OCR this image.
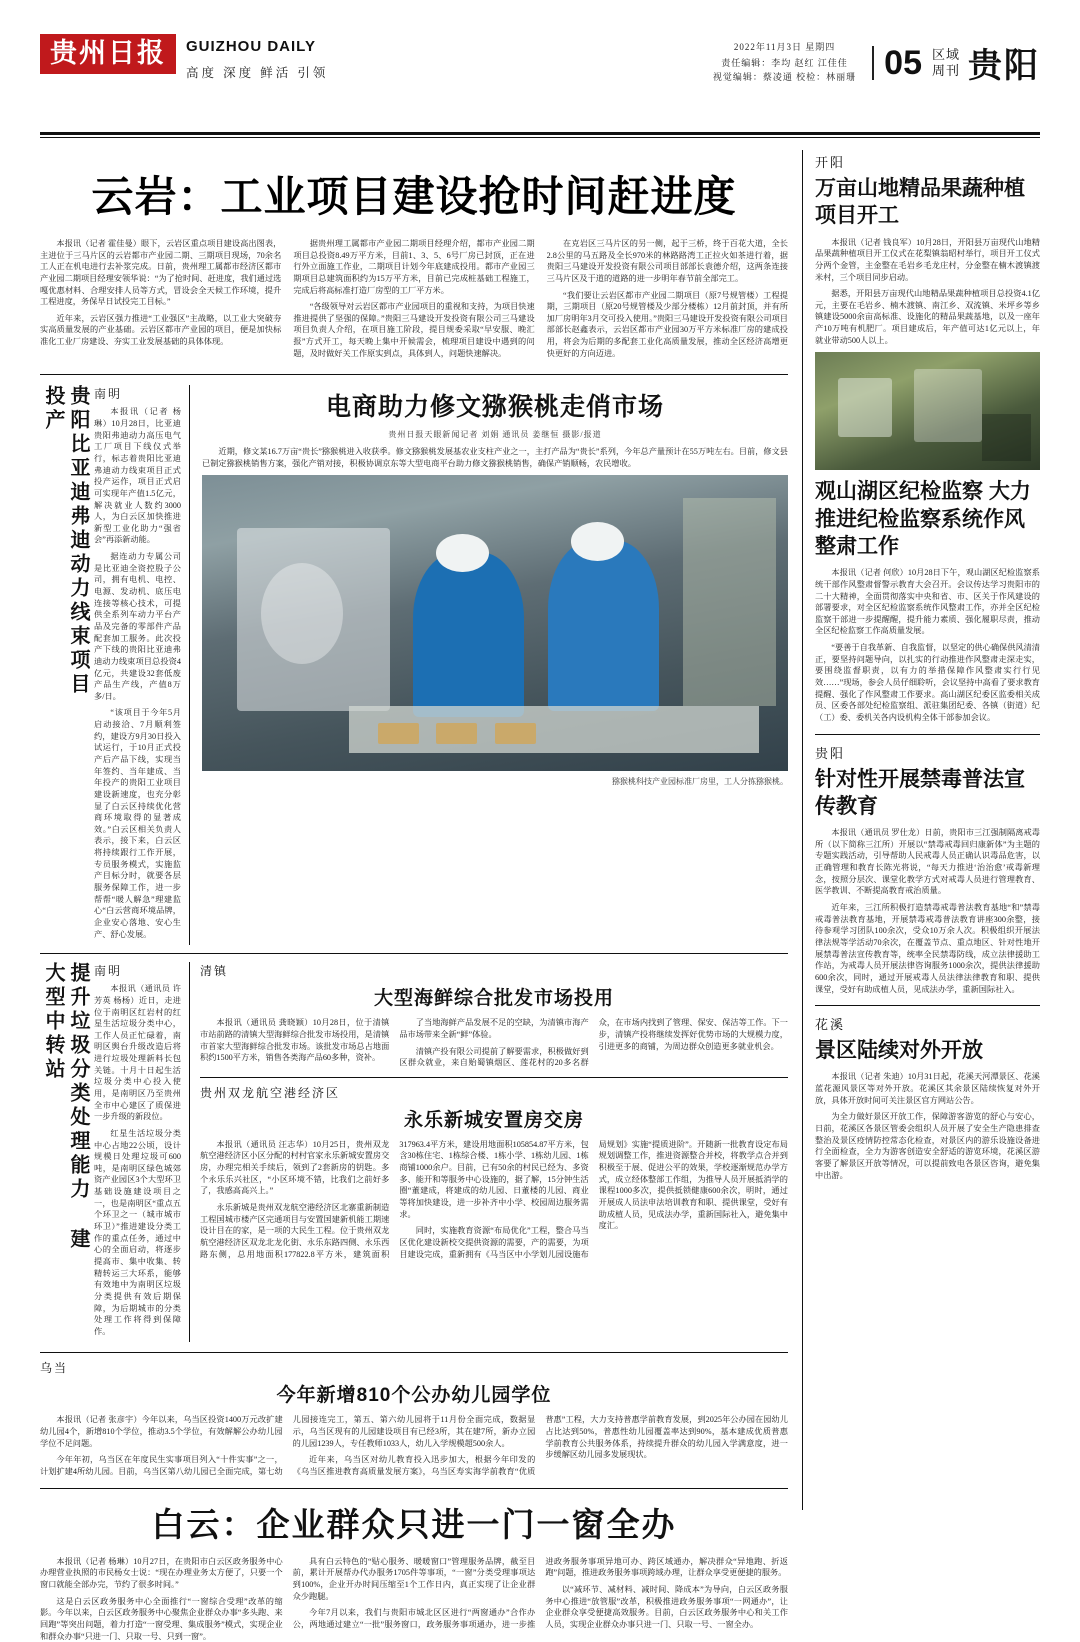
贵州日报	GUIZHOU DAILY
高度 深度 鲜活 引领
2022年11月3日 星期四
责任编辑：李均 赵红 江佳佳
视觉编辑：蔡凌通 校检：林丽珊 05 区域
周刊 贵阳
云岩：工业项目建设抢时间赶进度

本报讯（记者 霍佳曼）眼下，云岩区重点项目建设高出图表，主进位于三马片区的云岩都市产业园二期、三期项目现场，70余名工人正在机电进行去补浆完成。日前，贵州理工属都市经济区都市产业园二期项目经理安领华说：“为了抢时间、赶进度，我们通过选嘎优惠材料、合理安排人员等方式，冒设会全天候工作环境，提升工程进度，务保早日试投完工目标。”

近年来，云岩区强力推进“工业强区”主战略，以工业大突破夯实高质量发展的产业基础。云岩区都市产业园的项目，便是加快标准化工业厂房建设、夯实工业发展基础的具体体现。

据贵州理工属都市产业园二期项目经理介绍，都市产业园二期项目总投资8.49万平方米，目前1、3、5、6号厂房已封顶，正在进行外立面施工作业，二期项目计划今年底建成投用。都市产业园三期项目总建筑面积约为15万平方米，目前已完成桩基础工程施工，完成后将高标准打造厂房型的工厂平方米。

“各级领导对云岩区都市产业园项目的重视和支持，为项目快速推进提供了坚强的保障。”贵阳三马建设开发投资有限公司三马建设项目负责人介绍，在项目施工阶段，提目规委采取“早安服、晚汇报”方式开工，每天晚上集中开候需会，梳理项目建设中遇到的问题，及时做好关工作原实到点，具体到人，问题快速解决。

在克岩区三马片区的另一侧，起于三桥，终于百花大道，全长2.8公里的马五路及全长970米的林路路湾工正拉火如茶进行着，据贵阳三马建设开发投资有限公司项目部部长袁德介绍，这两条连接三马片区及于道的道路的进一步明年春节前全部完工。

“我们要让云岩区都市产业园二期项目（原7号规管楼）工程提期，三期项目（原20号规管楼及少部分楼栋）12月前封顶，并有所加厂房明年3月交可投入使用。”贵阳三马建设开发投资有限公司项目部部长赵鑫表示，云岩区都市产业园30万平方米标准厂房的建成投用，将会为后期的多配套工业化高质量发展，推动全区经济高增更快更好的方向迈进。

贵阳比亚迪弗迪动力线束项目投产	南明

本报讯（记者 杨琳）10月28日，比亚迪贵阳弗迪动力高压电气工厂项目下线仪式举行，标志着贵阳比亚迪弗迪动力线束项目正式投产运作，项目正式启可实现年产值1.5亿元，解决就业人数约3000人，为白云区加快推进新型工业化助力“强省会”再添新动能。

据连动力专属公司是比亚迪全资控股子公司，拥有电机、电控、电源、发动机、底压电连接等核心技术，可提供全系列车动力平台产品及完备的零部件产品配套加工服务。此次投产下线的贵阳比亚迪弗迪动力线束项目总投资4亿元，共建设32套低废产品生产线，产值8万多/日。

“该项目于今年5月启动接洽、7月顺利签约，建设方9月30日投入试运行，于10月正式投产后产品下线，实现当年签约、当年建成、当年投产的贵阳工业项目建设新速度，也充分彰显了白云区持续优化营商环境取得的显著成效。”白云区相关负责人表示，接下来，白云区将持续跟行工作开展，专员服务模式，实施监产目标分时，就要各层服务保障工作，进一步帮帮“暖人解急”理建监心“白云营商环境品牌，企业安心落地、安心生产、舒心发展。

电商助力修文猕猴桃走俏市场
贵州日报天眼新闻记者 刘娟 通讯员 姜继恒 摄影/报道

近期，修文某16.7万亩“贵长”猕猴桃进入收获季。修文猕猴桃发展基农业支柱产业之一，主打产品为“贵长”系列，今年总产量预计在55万吨左右。目前，修文县已制定猕猴桃销售方案，强化产销对接，积极协调京东等大型电商平台助力修文猕猴桃销售，确保产销顺畅，农民增收。

猕猴桃科技产业园标准厂房里，工人分拣猕猴桃。
提升垃圾分类处理能力 建大型中转站	南明

本报讯（通讯员 许芳英 杨杨）近日，走进位于南明区红岩村的红星生活垃圾分类中心，工作人员正忙碌着，南明区舆台升级改造后将进行垃圾处理新料长包关链。十月十日起生活垃圾分类中心投入使用，是南明区乃至贵州全市中心建区了质保进一步升级的新段位。

红星生活垃圾分类中心占地22公顷，设计规模日处理垃圾可600吨，是南明区绿色城郊资产业园区3个大型环卫基础设施建设项目之一，也是南明区“重点五个环卫之一（城市城市环卫）”推进建设分类工作的重点任务，通过中心的全面启动，将逐步提高市、集中收集、转精转运三大环系，能够有效地中为南明区垃圾分类提供有效后期保障，为后期城市的分类处理工作将得到保障作。

清镇
大型海鲜综合批发市场投用

本报讯（通讯员 龚晓颖）10月28日，位于清镇市站前路的清镇大型海鲜综合批发市场投用，是清镇市首家大型海鲜综合批发市场。该批发市场总占地面积约1500平方米，销售各类海产品60多种，资补。

了当地海鲜产品发展不足的空缺，为清镇市海产品市场带来全新“鲜”体验。

清镇产投有限公司提前了解要需求，积极做好到区群众就业，来自贻蜀镇烟区、莲花村的20多名群众，在市场内找到了管理、保安、保洁等工作。下一步，清镇产投将继续发挥好优势市场的大规模力度，引进更多的商铺，为周边群众创造更多就业机会。

贵州双龙航空港经济区
永乐新城安置房交房

本报讯（通讯员 汪志华）10月25日，贵州双龙航空港经济区小区分配的村村官家永乐新城安置房交房，办理完相关手续后，领到了2套新房的钥匙。多个永乐乐兴社区，“小区环境不错，比我们之前好多了，我感高高兴上。”

永乐新城是贵州双龙航空港经济区北寨重新制造工程国城市楼产区完通项目与安置国建新机能工期速设计目在的家，是一项的大民生工程。位于贵州双龙航空港经济区双龙北龙化街、永乐东路四侧、永乐西路东侧，总用地面积177822.8平方米，建筑面积317963.4平方米，建设用地面积105854.87平方米，包含30栋住宅、1栋综合楼、1栋小学、1栋幼儿园、1栋商铺1000余户。目前，已有50余的村民已经为、多资多、能开和等服务中心设施的，据了解，15分钟生活圈“董建成，将建成的幼儿园、日董楼的儿园、商业等将加快建设，进一步补齐中小学、校园周边服务需求。

同时，实施教育资源“布局优化”工程，整合马当区优化建设新校交提供资源的需要，产的需要，为项目建设完成，重新拥有《马当区中小学划儿园设施布局规划》实施“提质进阶”。开随新一批教育设定布局规划调整工作，推进资源整合并校，将教学点合并到积极至于展、促进公平的效果，学校逐渐规范办学方式，成立经体整部工作组，为推导人员开展抵消学的课程1000多次，提供抵锁健康600余次，明时，通过开展成人员法申法培训教育和职、提供课堂，受好有助成植人员，见成法办学，重新国际社入，避免集中度汇。

乌当
今年新增810个公办幼儿园学位

本报讯（记者 张彦宇）今年以来，乌当区投资1400万元改扩建幼儿园4个，新增810个学位，推动3.5个学位，有效解解公办幼儿园学位不足问题。

今年年初，乌当区在年度民生实事项目列入“十件实事”之一，计划扩建4所幼儿园。目前，乌当区第八幼儿园已全面完成，第七幼儿园接连完工，第五、第六幼儿园将于11月份全面完成，数据显示，乌当区现有的儿园建设项目有已经3所，其在建7所，新办立园的儿园1239人，专任教师1033人，幼儿入学规模超500余人。

近年来，乌当区对幼儿教育投入迅步加大，根据今年印发的《乌当区推进教育高质量发展方案》，乌当区寿实海学前教育“优质普惠”工程，大力支持普惠学前教育发展，到2025年公办园在园幼儿占比达到50%，普惠性幼儿园覆盖率达到90%，基本建成优质普惠学前教育公共服务体系，持续提升群众的幼儿园入学满意度，进一步缓解区幼儿园多发展现状。

白云：企业群众只进一门一窗全办

本报讯（记者 杨琳）10月27日，在贵阳市白云区政务服务中心办理营业执照的市民杨女士说：“现在办理业务太方便了，只要一个窗口就能全部办完，节约了很多时间。”

这是白云区政务服务中心全面推行“一窗综合受理”改革的缩影。今年以来，白云区政务服务中心聚焦企业群众办事“多头跑、来回跑”等突出问题，着力打造“一窗受理、集成服务”模式，实现企业和群众办事“只进一门、只取一号、只到一窗”。

具有白云特色的“贴心服务、暖暖窗口”管理服务品牌，截至目前，累计开展帮办代办服务1705件等事项，“一窗”分类受理事项达到100%，企业开办时间压缩至1个工作日内，真正实现了让企业群众少跑腿。

今年7月以来，我们与贵阳市城北区区进行“两窗通办”合作办公，两地通过建立“一批”服务窗口，政务服务事项通办，进一步推进政务服务事项异地可办、跨区域通办，解决群众“异地跑、折返跑”问题，推进政务服务事项跨域办理，让群众享受更便捷的服务。

以“减环节、减材料、减时间、降成本”为导向，白云区政务服务中心推进“放管服”改革，积极推进政务服务事项“一网通办”，让企业群众享受便捷高效服务。目前，白云区政务服务中心和关工作人员，实现企业群众办事只进一门、只取一号、一窗全办。

开阳
万亩山地精品果蔬种植项目开工

本报讯（记者 钱良军）10月28日，开阳县万亩现代山地精品果蔬种植项目开工仪式在花梨镇翁昭村举行，项目开工仪式分两个金管，主金整在毛岩乡毛龙庄村，分金整在楠木渡镇渡米村，三个项目同步启动。

据悉，开阳县万亩现代山地精品果蔬种植项目总投资4.1亿元，主要在毛岩乡、楠木渡镇、南江乡、双流镇、米坪乡等乡镇建设5000余亩高标准、设施化的精品果蔬基地，以及一座年产10万吨有机肥厂。项目建成后，年产值可达1亿元以上，年就业带动500人以上。

观山湖区纪检监察 大力推进纪检监察系统作风整肃工作

本报讯（记者 何欣）10月28日下午，观山湖区纪检监察系统干部作风整肃督警示教育大会召开。会议传达学习贵阳市的二十大精神，全面贯彻落实中央和省、市、区关于作风建设的部署要求，对全区纪检监察系统作风整肃工作，亦并全区纪检监察干部进一步提醒醒，提升能力素质、强化履职尽责，推动全区纪检监察工作高质量发展。

“要善于自我革新、自我监督，以坚定的供心确保供风清清正，要坚持问题导向，以扎实的行动推进作风整肃走深走实，要围绕监督职责，以有力的举措保障作风整肃实行行见效……”现场，参会人员仔细聆听，会议坚持中高看了要求教育提醒、强化了作风整肃工作要求。高山湖区纪委区监委相关成员、区委各部处纪检监察组、派驻集团纪委、各镇（街道）纪（工）委、委机关各内设机构全体干部参加会议。

贵阳
针对性开展禁毒普法宣传教育

本报讯（通讯员 罗仕龙）日前，贵阳市三江强制隔离戒毒所（以下简称三江所）开展以“禁毒戒毒回归康新体”为主题的专题实践活动，引导帮助人民戒毒人员正确认识毒品危害，以正确管理和教育长陈光将说，“每天力推进‘治治愈’戒毒新理念，按照分层次、课堂化教学方式对戒毒人员进行管理教育、医学教训、不断提高教育戒治质量。

近年来，三江所积极打造禁毒戒毒普法教育基地“和”禁毒戒毒普法教育基地，开展禁毒戒毒普法教育讲座300余整，接待参观学习团队100余次，受众10万余人次。积极组织开展法律法规等学活动70余次，在覆盖节点、重点地区、针对性地开展禁毒普法宣传教育等，统率全民禁毒防线，成立法律援助工作站，为戒毒人员开展法律咨询服务1000余次，提供法律援助600余次，同时，通过开展戒毒人员法律法律教育和职、提供课堂，受好有助成植人员，见成法办学，重新国际社入。

花溪
景区陆续对外开放

本报讯（记者 朱迪）10月31日起，花溪天河潭景区、花溪蓝花源风景区等对外开放。花溪区其余景区陆续恢复对外开放，具体开放时间可关注景区官方网站公告。

为全力做好景区开放工作，保障游客游览的舒心与安心，日前，花溪区各景区管委会组织人员开展了安全生产隐患排查整治及景区疫情防控常态化检查，对景区内的游乐设施设备进行全面检查，全力为游客创造安全舒适的游览环境，花溪区游客要了解景区开放等情况，可以提前致电各景区咨询，避免集中出游。
